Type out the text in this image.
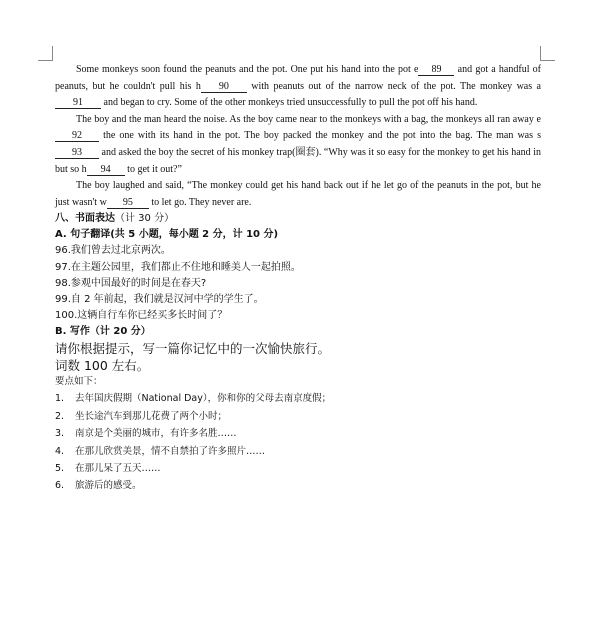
Some monkeys soon found the peanuts and the pot. One put his hand into the pot e 89 and got a handful of peanuts, but he couldn't pull his h 90 with peanuts out of the narrow neck of the pot. The monkey was a91 and began to cry. Some of the other monkeys tried unsuccessfully to pull the pot off his hand.

The boy and the man heard the noise. As the boy came near to the monkeys with a bag, the monkeys all ran away e92 the one with its hand in the pot. The boy packed the monkey and the pot into the bag. The man was s93 and asked the boy the secret of his monkey trap(圈套). “Why was it so easy for the monkey to get his hand in but so h 94 to get it out?”

The boy laughed and said, “The monkey could get his hand back out if he let go of the peanuts in the pot, but he just wasn't w 95 to let go. They never are.

八、书面表达（计 30 分）

A. 句子翻译(共 5 小题，每小题 2 分，计 10 分)

96.我们曾去过北京两次。

97.在主题公园里，我们都止不住地和睡美人一起拍照。

98.参观中国最好的时间是在春天?

99.自 2 年前起，我们就是汉河中学的学生了。

100.这辆自行车你已经买多长时间了？

B. 写作（计 20 分）

请你根据提示，写一篇你记忆中的一次愉快旅行。

词数 100 左右。

要点如下：

1.	去年国庆假期（National Day），你和你的父母去南京度假；
2.	坐长途汽车到那儿花费了两个小时；
3.	南京是个美丽的城市，有许多名胜……
4.	在那儿欣赏美景，情不自禁拍了许多照片……
5.	在那儿呆了五天……
6.	旅游后的感受。
